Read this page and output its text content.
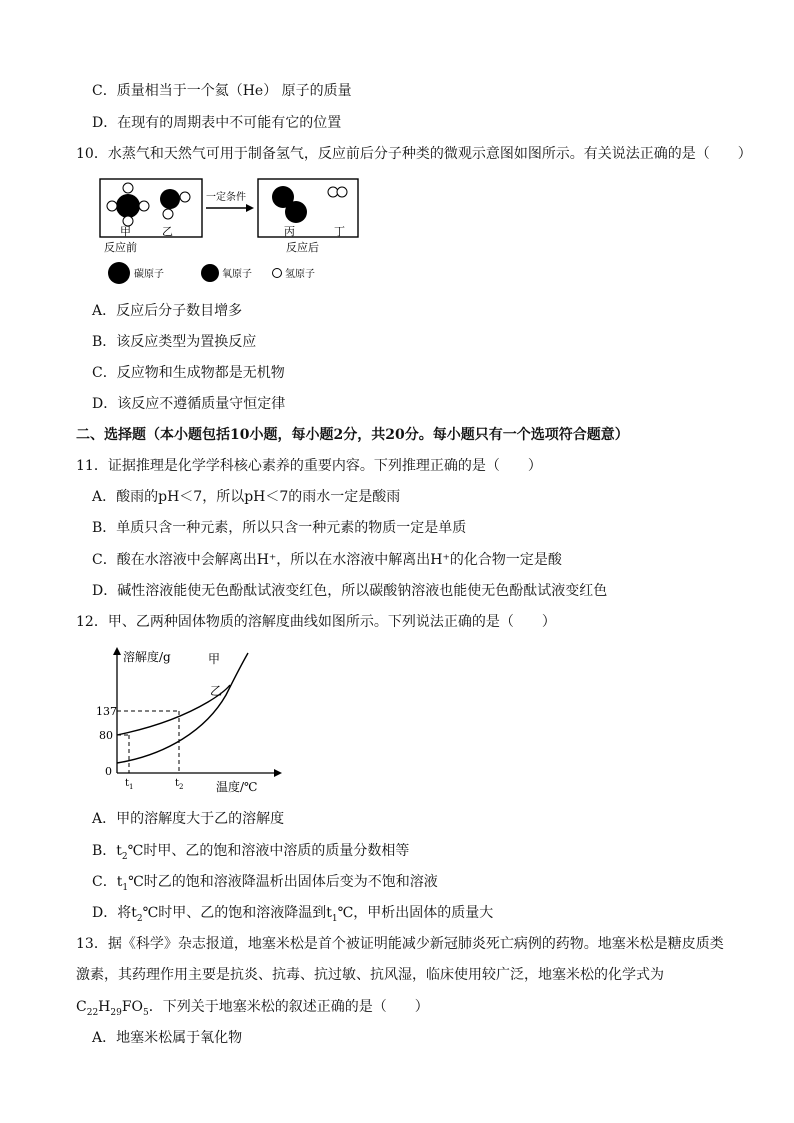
C．质量相当于一个氦（He） 原子的质量
D．在现有的周期表中不可能有它的位置
10．水蒸气和天然气可用于制备氢气，反应前后分子种类的微观示意图如图所示。有关说法正确的是（　　）
甲	乙
反应前
一定条件
丙	丁
反应后
碳原子	氧原子	氢原子
A．反应后分子数目增多
B．该反应类型为置换反应
C．反应物和生成物都是无机物
D．该反应不遵循质量守恒定律
二、选择题（本小题包括10小题，每小题2分，共20分。每小题只有一个选项符合题意）
11．证据推理是化学学科核心素养的重要内容。下列推理正确的是（　　）
A．酸雨的pH＜7，所以pH＜7的雨水一定是酸雨
B．单质只含一种元素，所以只含一种元素的物质一定是单质
C．酸在水溶液中会解离出H⁺，所以在水溶液中解离出H⁺的化合物一定是酸
D．碱性溶液能使无色酚酞试液变红色，所以碳酸钠溶液也能使无色酚酞试液变红色
12．甲、乙两种固体物质的溶解度曲线如图所示。下列说法正确的是（　　）
溶解度/g
温度/℃
甲
乙
137
80
0
$t_1$	$t_2$
A．甲的溶解度大于乙的溶解度
B．$t_2℃$时甲、乙的饱和溶液中溶质的质量分数相等
C．$t_1℃$时乙的饱和溶液降温析出固体后变为不饱和溶液
D．将$t_2℃$时甲、乙的饱和溶液降温到$t_1℃$，甲析出固体的质量大
13．据《科学》杂志报道，地塞米松是首个被证明能减少新冠肺炎死亡病例的药物。地塞米松是糖皮质类
激素，其药理作用主要是抗炎、抗毒、抗过敏、抗风湿，临床使用较广泛，地塞米松的化学式为
$C_{22}H_{29}FO_5$．下列关于地塞米松的叙述正确的是（　　）
A．地塞米松属于氧化物
